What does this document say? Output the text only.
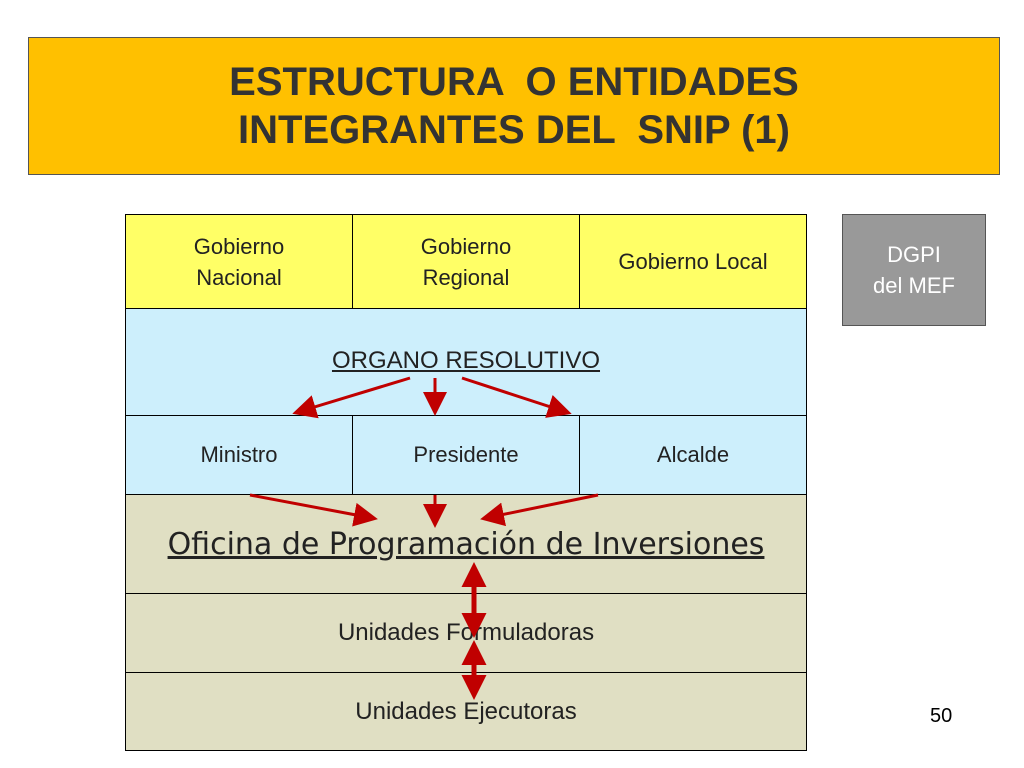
ESTRUCTURA  O ENTIDADES
INTEGRANTES DEL  SNIP (1)
Gobierno
Nacional
Gobierno
Regional
Gobierno Local
ORGANO RESOLUTIVO
Ministro	Presidente	Alcalde
Oficina de Programación de Inversiones
Unidades Formuladoras
Unidades Ejecutoras
DGPI
del MEF
50
